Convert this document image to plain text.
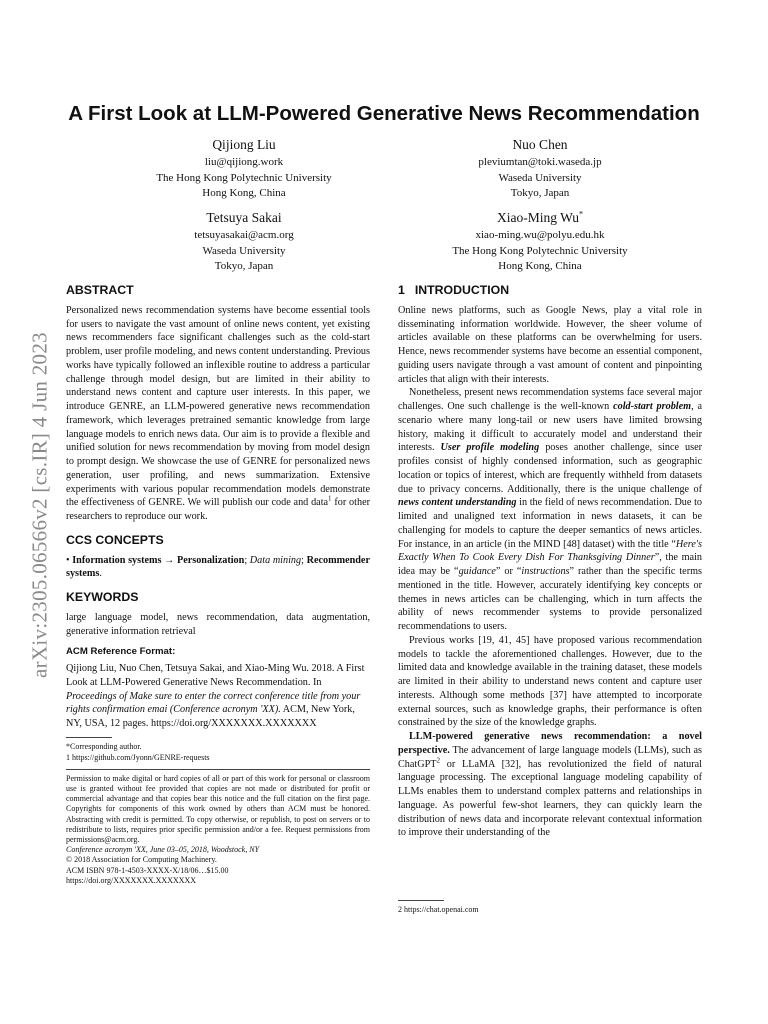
arXiv:2305.06566v2 [cs.IR] 4 Jun 2023
A First Look at LLM-Powered Generative News Recommendation
Qijiong Liu
liu@qijiong.work
The Hong Kong Polytechnic University
Hong Kong, China
Nuo Chen
pleviumtan@toki.waseda.jp
Waseda University
Tokyo, Japan
Tetsuya Sakai
tetsuyasakai@acm.org
Waseda University
Tokyo, Japan
Xiao-Ming Wu*
xiao-ming.wu@polyu.edu.hk
The Hong Kong Polytechnic University
Hong Kong, China
ABSTRACT

Personalized news recommendation systems have become essential tools for users to navigate the vast amount of online news content, yet existing news recommenders face significant challenges such as the cold-start problem, user profile modeling, and news content understanding. Previous works have typically followed an inflexible routine to address a particular challenge through model design, but are limited in their ability to understand news content and capture user interests. In this paper, we introduce GENRE, an LLM-powered generative news recommendation framework, which leverages pretrained semantic knowledge from large language models to enrich news data. Our aim is to provide a flexible and unified solution for news recommendation by moving from model design to prompt design. We showcase the use of GENRE for personalized news generation, user profiling, and news summarization. Extensive experiments with various popular recommendation models demonstrate the effectiveness of GENRE. We will publish our code and data$^1$ for other researchers to reproduce our work.

CCS CONCEPTS

• Information systems → Personalization; Data mining; Recommender systems.

KEYWORDS

large language model, news recommendation, data augmentation, generative information retrieval

ACM Reference Format:

Qijiong Liu, Nuo Chen, Tetsuya Sakai, and Xiao-Ming Wu. 2018. A First Look at LLM-Powered Generative News Recommendation. In Proceedings of Make sure to enter the correct conference title from your rights confirmation emai (Conference acronym 'XX). ACM, New York, NY, USA, 12 pages. https://doi.org/XXXXXXX.XXXXXXX

*Corresponding author.
1 https://github.com/Jyonn/GENRE-requests

Permission to make digital or hard copies of all or part of this work for personal or classroom use is granted without fee provided that copies are not made or distributed for profit or commercial advantage and that copies bear this notice and the full citation on the first page. Copyrights for components of this work owned by others than ACM must be honored. Abstracting with credit is permitted. To copy otherwise, or republish, to post on servers or to redistribute to lists, requires prior specific permission and/or a fee. Request permissions from permissions@acm.org.

Conference acronym 'XX, June 03–05, 2018, Woodstock, NY
© 2018 Association for Computing Machinery.
ACM ISBN 978-1-4503-XXXX-X/18/06…$15.00
https://doi.org/XXXXXXX.XXXXXXX
1 INTRODUCTION

Online news platforms, such as Google News, play a vital role in disseminating information worldwide. However, the sheer volume of articles available on these platforms can be overwhelming for users. Hence, news recommender systems have become an essential component, guiding users navigate through a vast amount of content and pinpointing articles that align with their interests.

Nonetheless, present news recommendation systems face several major challenges. One such challenge is the well-known cold-start problem, a scenario where many long-tail or new users have limited browsing history, making it difficult to accurately model and understand their interests. User profile modeling poses another challenge, since user profiles consist of highly condensed information, such as geographic location or topics of interest, which are frequently withheld from datasets due to privacy concerns. Additionally, there is the unique challenge of news content understanding in the field of news recommendation. Due to limited and unaligned text information in news datasets, it can be challenging for models to capture the deeper semantics of news articles. For instance, in an article (in the MIND [48] dataset) with the title “Here's Exactly When To Cook Every Dish For Thanksgiving Dinner”, the main idea may be “guidance” or “instructions” rather than the specific terms mentioned in the title. However, accurately identifying key concepts or themes in news articles can be challenging, which in turn affects the ability of news recommender systems to provide personalized recommendations to users.

Previous works [19, 41, 45] have proposed various recommendation models to tackle the aforementioned challenges. However, due to the limited data and knowledge available in the training dataset, these models are limited in their ability to understand news content and capture user interests. Although some methods [37] have attempted to incorporate external sources, such as knowledge graphs, their performance is often constrained by the size of the knowledge graphs.

LLM-powered generative news recommendation: a novel perspective. The advancement of large language models (LLMs), such as ChatGPT$^2$ or LLaMA [32], has revolutionized the field of natural language processing. The exceptional language modeling capability of LLMs enables them to understand complex patterns and relationships in language. As powerful few-shot learners, they can quickly learn the distribution of news data and incorporate relevant contextual information to improve their understanding of the

2 https://chat.openai.com
